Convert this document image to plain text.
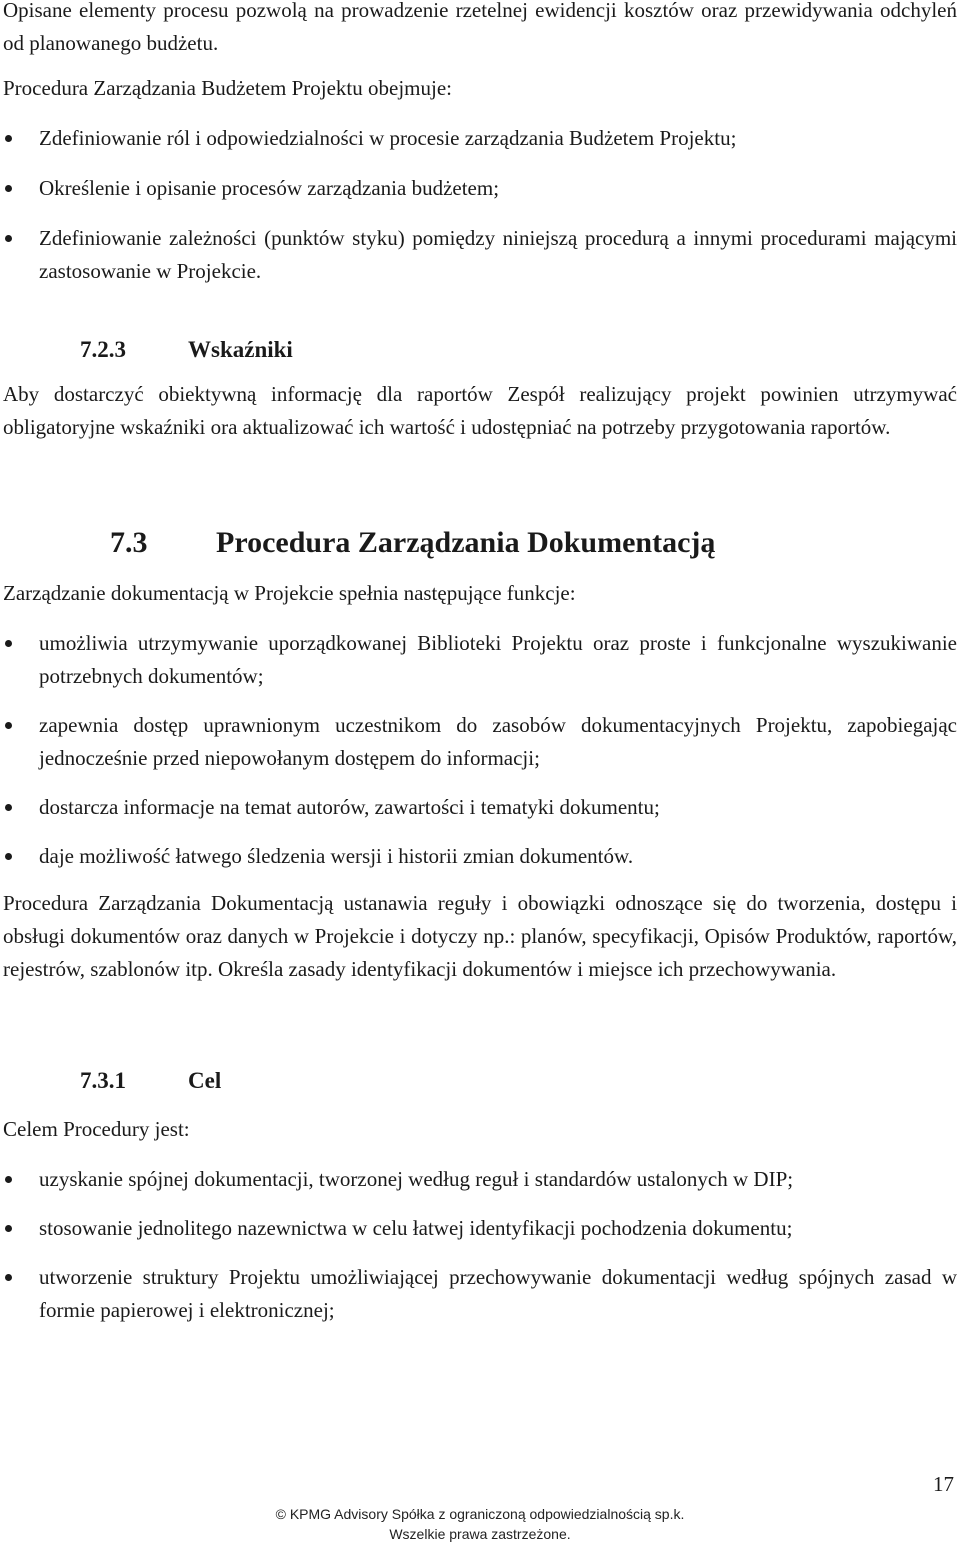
Opisane elementy procesu pozwolą na prowadzenie rzetelnej ewidencji kosztów oraz przewidywania odchyleń od planowanego budżetu.

Procedura Zarządzania Budżetem Projektu obejmuje:

Zdefiniowanie ról i odpowiedzialności w procesie zarządzania Budżetem Projektu;

Określenie i opisanie procesów zarządzania budżetem;

Zdefiniowanie zależności (punktów styku) pomiędzy niniejszą procedurą a innymi procedurami mającymi zastosowanie w Projekcie.

7.2.3	Wskaźniki

Aby dostarczyć obiektywną informację dla raportów Zespół realizujący projekt powinien utrzymywać obligatoryjne wskaźniki ora aktualizować ich wartość i udostępniać na potrzeby przygotowania raportów.

7.3 Procedura Zarządzania Dokumentacją

Zarządzanie dokumentacją w Projekcie spełnia następujące funkcje:

umożliwia utrzymywanie uporządkowanej Biblioteki Projektu oraz proste i funkcjonalne wyszukiwanie potrzebnych dokumentów;

zapewnia dostęp uprawnionym uczestnikom do zasobów dokumentacyjnych Projektu, zapobiegając jednocześnie przed niepowołanym dostępem do informacji;

dostarcza informacje na temat autorów, zawartości i tematyki dokumentu;

daje możliwość łatwego śledzenia wersji i historii zmian dokumentów.

Procedura Zarządzania Dokumentacją ustanawia reguły i obowiązki odnoszące się do tworzenia, dostępu i obsługi dokumentów oraz danych w Projekcie i dotyczy np.: planów, specyfikacji, Opisów Produktów, raportów, rejestrów, szablonów itp. Określa zasady identyfikacji dokumentów i miejsce ich przechowywania.

7.3.1	Cel

Celem Procedury jest:

uzyskanie spójnej dokumentacji, tworzonej według reguł i standardów ustalonych w DIP;

stosowanie jednolitego nazewnictwa w celu łatwej identyfikacji pochodzenia dokumentu;

utworzenie struktury Projektu umożliwiającej przechowywanie dokumentacji według spójnych zasad w formie papierowej i elektronicznej;

17
© KPMG Advisory Spółka z ograniczoną odpowiedzialnością sp.k.
Wszelkie prawa zastrzeżone.
